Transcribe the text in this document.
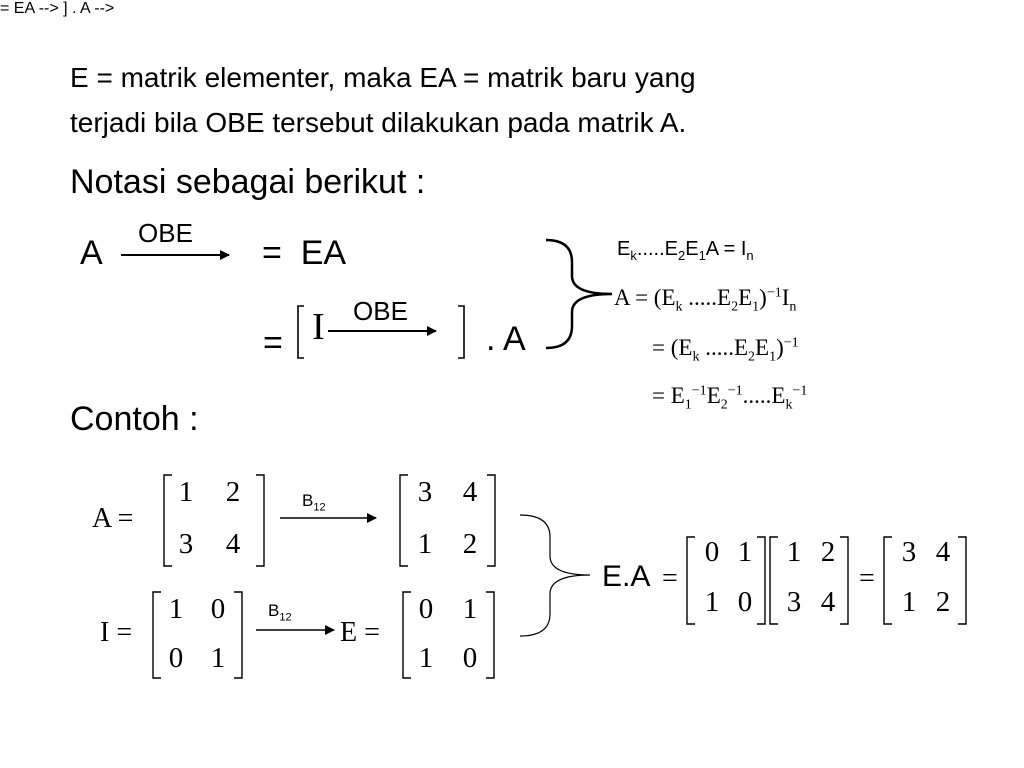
E = matrik elementer, maka EA = matrik baru yang
terjadi bila OBE tersebut dilakukan pada matrik A.
Notasi sebagai berikut :
= EA -->
A
OBE
=  EA
] . A -->
= I OBE
. A
$E_k.....E_2E_1A = I_n$
$A = (E_k$ $.....E_2E_1)^{-1}I_n$
= ($E_k$ $.....E_2E_1)^{-1}$
= $E_1^{-1}E_2^{-1}.....E_k^{-1}$
Contoh :
A =
I =	E =
E.A =	=
$B_{12}$
$B_{12}$
1 2
3 4
3 4
1 2
1 0
0 1
0 1
1 0
0 1
1 0
1 2
3 4
3 4
1 2
